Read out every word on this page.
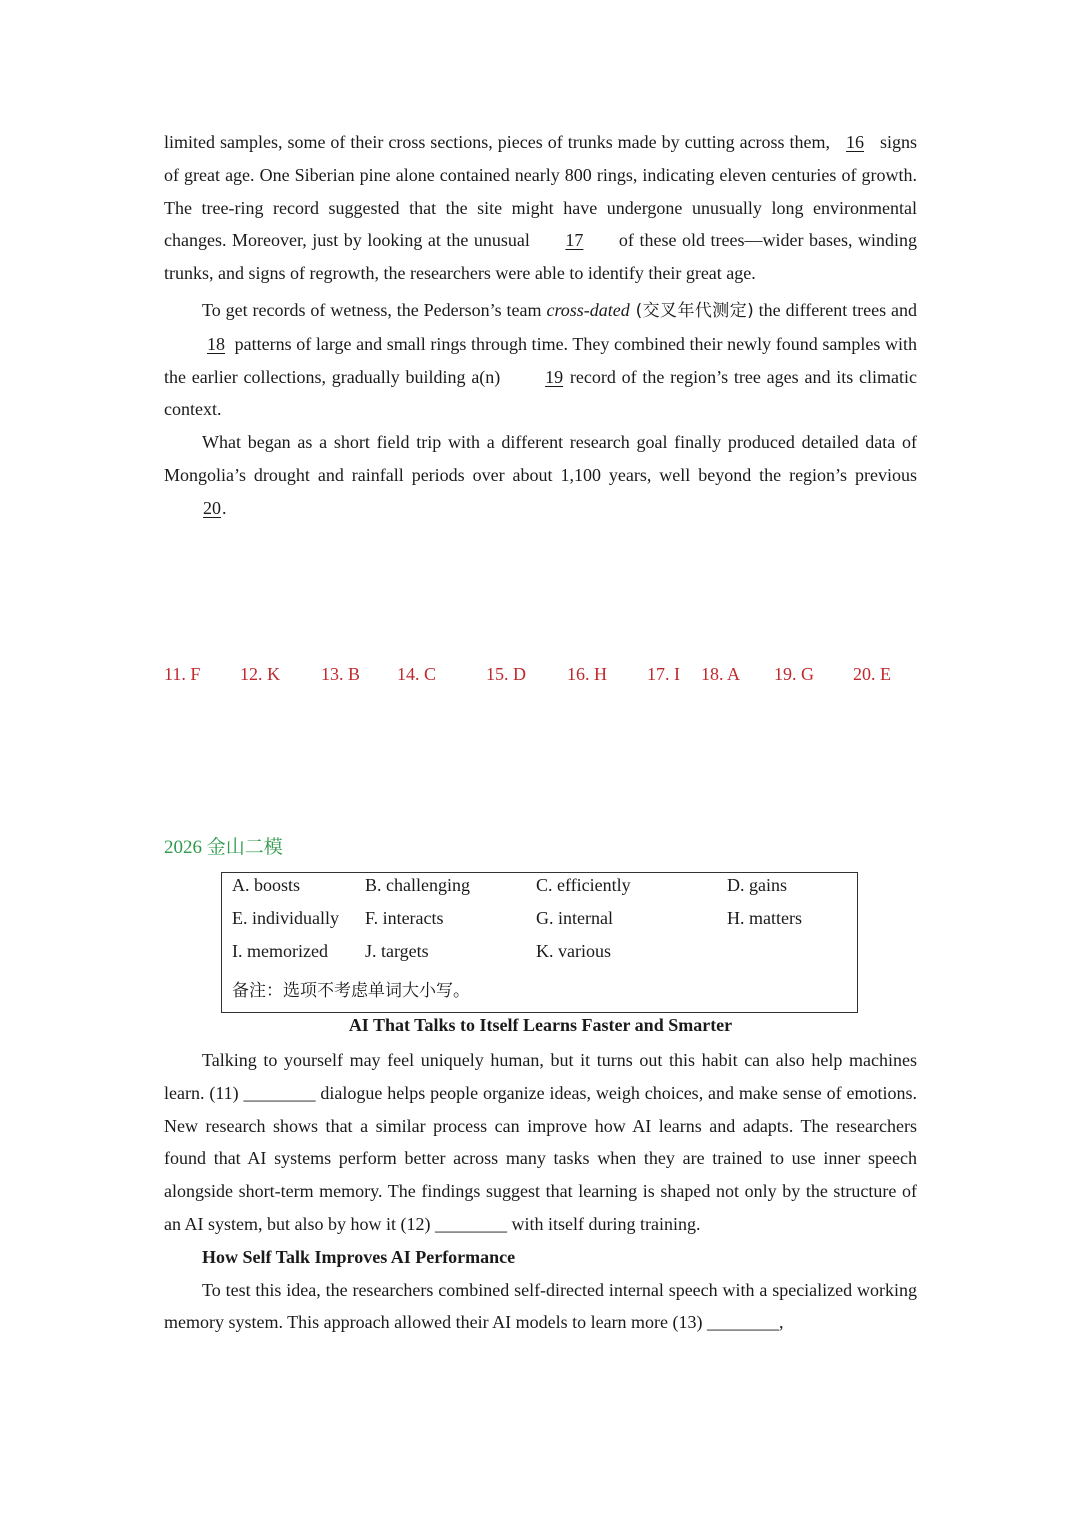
limited samples, some of their cross sections, pieces of trunks made by cutting across them, 16 signs of great age. One Siberian pine alone contained nearly 800 rings, indicating eleven centuries of growth. The tree-ring record suggested that the site might have undergone unusually long environmental changes. Moreover, just by looking at the unusual 17 of these old trees—wider bases, winding trunks, and signs of regrowth, the researchers were able to identify their great age.

To get records of wetness, the Pederson’s team cross-dated (交叉年代测定) the different trees and 18 patterns of large and small rings through time. They combined their newly found samples with the earlier collections, gradually building a(n) 19 record of the region’s tree ages and its climatic context.

What began as a short field trip with a different research goal finally produced detailed data of Mongolia’s drought and rainfall periods over about 1,100 years, well beyond the region’s previous 20.

11. F 12. K 13. B 14. C	15. D 16. H 17. I 18. A 19. G 20. E
2026 金山二模
A. boosts	B. challenging	C. efficiently	D. gains
E. individually F. interacts	G. internal	H. matters
I. memorized J. targets	K. various
备注：选项不考虑单词大小写。
AI That Talks to Itself Learns Faster and Smarter

Talking to yourself may feel uniquely human, but it turns out this habit can also help machines learn. (11) ________ dialogue helps people organize ideas, weigh choices, and make sense of emotions. New research shows that a similar process can improve how AI learns and adapts. The researchers found that AI systems perform better across many tasks when they are trained to use inner speech alongside short-term memory. The findings suggest that learning is shaped not only by the structure of an AI system, but also by how it (12) ________ with itself during training.

How Self Talk Improves AI Performance

To test this idea, the researchers combined self-directed internal speech with a specialized working memory system. This approach allowed their AI models to learn more (13) ________,
